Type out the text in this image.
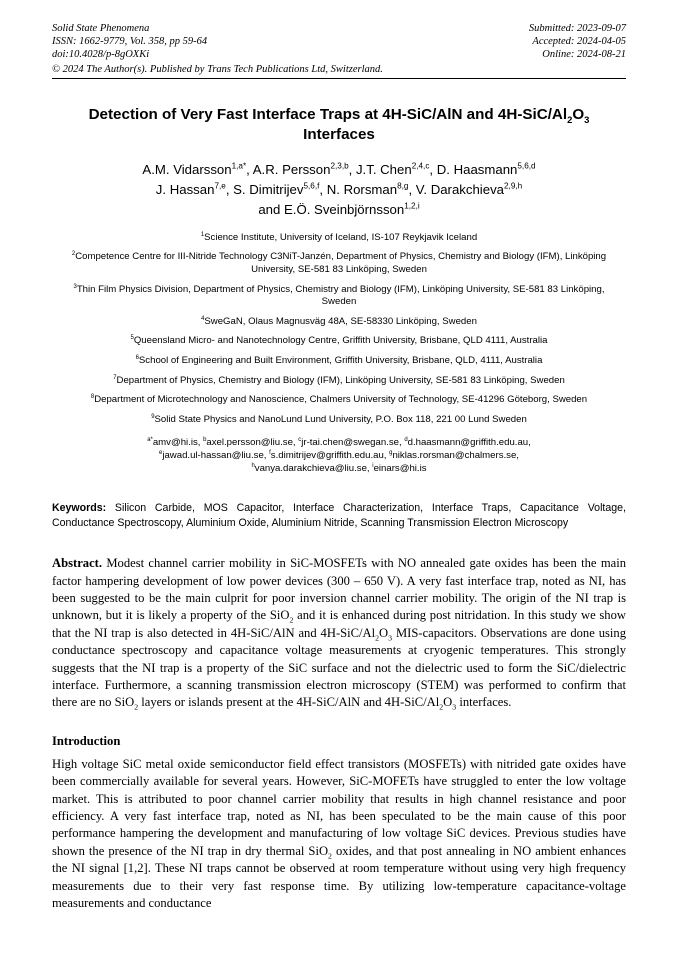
Solid State Phenomena	Submitted: 2023-09-07
ISSN: 1662-9779, Vol. 358, pp 59-64	Accepted: 2024-04-05
doi:10.4028/p-8gOXKi	Online: 2024-08-21
© 2024 The Author(s). Published by Trans Tech Publications Ltd, Switzerland.
Detection of Very Fast Interface Traps at 4H-SiC/AlN and $4H-SiC/Al_2O_3$ Interfaces
A.M. Vidarsson$^{1,a*}$, A.R. Persson$^{2,3,b}$, J.T. Chen$^{2,4,c}$, D. Haasmann$^{5,6,d}$
J. Hassan$^{7,e}$, S. Dimitrijev$^{5,6,f}$, N. Rorsman$^{8,g}$, V. Darakchieva$^{2,9,h}$
and E.Ö. Sveinbjörnsson$^{1,2,i}$
$^1$Science Institute, University of Iceland, IS-107 Reykjavik Iceland
$^2$Competence Centre for III-Nitride Technology C3NiT-Janzén, Department of Physics, Chemistry and Biology (IFM), Linköping University, SE-581 83 Linköping, Sweden
$^3$Thin Film Physics Division, Department of Physics, Chemistry and Biology (IFM), Linköping University, SE-581 83 Linköping, Sweden
$^4$SweGaN, Olaus Magnusväg 48A, SE-58330 Linköping, Sweden
$^5$Queensland Micro- and Nanotechnology Centre, Griffith University, Brisbane, QLD 4111, Australia
$^6$School of Engineering and Built Environment, Griffith University, Brisbane, QLD, 4111, Australia
$^7$Department of Physics, Chemistry and Biology (IFM), Linköping University, SE-581 83 Linköping, Sweden
$^8$Department of Microtechnology and Nanoscience, Chalmers University of Technology, SE-41296 Göteborg, Sweden
$^9$Solid State Physics and NanoLund Lund University, P.O. Box 118, 221 00 Lund Sweden
$^{a*}$amv@hi.is, $^b$axel.persson@liu.se, $^c$jr-tai.chen@swegan.se, $^d$d.haasmann@griffith.edu.au,
$^e$jawad.ul-hassan@liu.se, $^f$s.dimitrijev@griffith.edu.au, $^g$niklas.rorsman@chalmers.se,
$^h$vanya.darakchieva@liu.se, $^i$einars@hi.is
Keywords: Silicon Carbide, MOS Capacitor, Interface Characterization, Interface Traps, Capacitance Voltage, Conductance Spectroscopy, Aluminium Oxide, Aluminium Nitride, Scanning Transmission Electron Microscopy
Abstract. Modest channel carrier mobility in SiC-MOSFETs with NO annealed gate oxides has been the main factor hampering development of low power devices (300 – 650 V). A very fast interface trap, noted as NI, has been suggested to be the main culprit for poor inversion channel carrier mobility. The origin of the NI trap is unknown, but it is likely a property of the SiO$_2$ and it is enhanced during post nitridation. In this study we show that the NI trap is also detected in 4H-SiC/AlN and $4H-SiC/Al_2O_3$ MIS-capacitors. Observations are done using conductance spectroscopy and capacitance voltage measurements at cryogenic temperatures. This strongly suggests that the NI trap is a property of the SiC surface and not the dielectric used to form the SiC/dielectric interface. Furthermore, a scanning transmission electron microscopy (STEM) was performed to confirm that there are no SiO$_2$ layers or islands present at the 4H-SiC/AlN and $4H-SiC/Al_2O_3$ interfaces.
Introduction
High voltage SiC metal oxide semiconductor field effect transistors (MOSFETs) with nitrided gate oxides have been commercially available for several years. However, SiC-MOFETs have struggled to enter the low voltage market. This is attributed to poor channel carrier mobility that results in high channel resistance and poor efficiency. A very fast interface trap, noted as NI, has been speculated to be the main cause of this poor performance hampering the development and manufacturing of low voltage SiC devices. Previous studies have shown the presence of the NI trap in dry thermal SiO$_2$ oxides, and that post annealing in NO ambient enhances the NI signal [1,2]. These NI traps cannot be observed at room temperature without using very high frequency measurements due to their very fast response time. By utilizing low-temperature capacitance-voltage measurements and conductance
